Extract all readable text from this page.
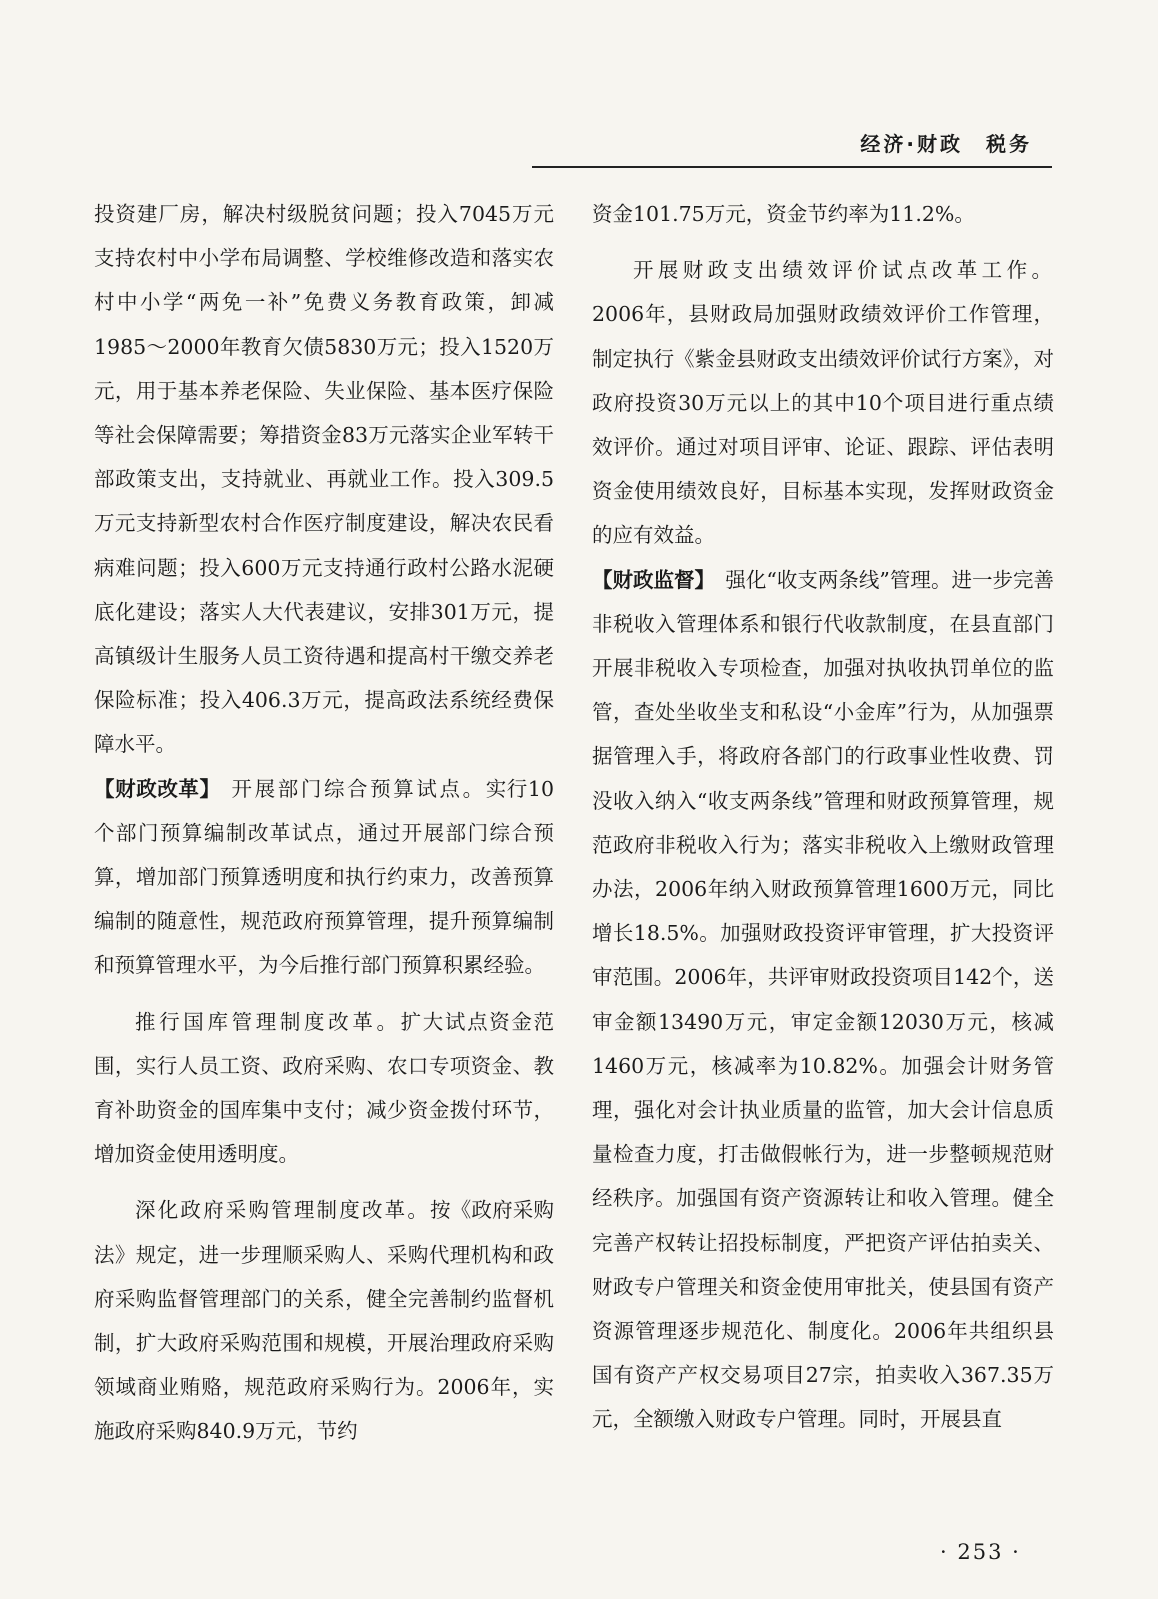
经济·财政　税务

投资建厂房，解决村级脱贫问题；投入7045万元支持农村中小学布局调整、学校维修改造和落实农村中小学“两免一补”免费义务教育政策，卸减1985～2000年教育欠债5830万元；投入1520万元，用于基本养老保险、失业保险、基本医疗保险等社会保障需要；筹措资金83万元落实企业军转干部政策支出，支持就业、再就业工作。投入309.5万元支持新型农村合作医疗制度建设，解决农民看病难问题；投入600万元支持通行政村公路水泥硬底化建设；落实人大代表建议，安排301万元，提高镇级计生服务人员工资待遇和提高村干缴交养老保险标准；投入406.3万元，提高政法系统经费保障水平。

【财政改革】　 开展部门综合预算试点。实行10个部门预算编制改革试点，通过开展部门综合预算，增加部门预算透明度和执行约束力，改善预算编制的随意性，规范政府预算管理，提升预算编制和预算管理水平，为今后推行部门预算积累经验。

推行国库管理制度改革。扩大试点资金范围，实行人员工资、政府采购、农口专项资金、教育补助资金的国库集中支付；减少资金拨付环节，增加资金使用透明度。

深化政府采购管理制度改革。按《政府采购法》规定，进一步理顺采购人、采购代理机构和政府采购监督管理部门的关系，健全完善制约监督机制，扩大政府采购范围和规模，开展治理政府采购领域商业贿赂，规范政府采购行为。2006年，实施政府采购840.9万元，节约

资金101.75万元，资金节约率为11.2%。

开展财政支出绩效评价试点改革工作。2006年，县财政局加强财政绩效评价工作管理，制定执行《紫金县财政支出绩效评价试行方案》，对政府投资30万元以上的其中10个项目进行重点绩效评价。通过对项目评审、论证、跟踪、评估表明资金使用绩效良好，目标基本实现，发挥财政资金的应有效益。

【财政监督】　 强化“收支两条线”管理。进一步完善非税收入管理体系和银行代收款制度，在县直部门开展非税收入专项检查，加强对执收执罚单位的监管，查处坐收坐支和私设“小金库”行为，从加强票据管理入手，将政府各部门的行政事业性收费、罚没收入纳入“收支两条线”管理和财政预算管理，规范政府非税收入行为；落实非税收入上缴财政管理办法，2006年纳入财政预算管理1600万元，同比增长18.5%。加强财政投资评审管理，扩大投资评审范围。2006年，共评审财政投资项目142个，送审金额13490万元，审定金额12030万元，核减1460万元，核减率为10.82%。加强会计财务管理，强化对会计执业质量的监管，加大会计信息质量检查力度，打击做假帐行为，进一步整顿规范财经秩序。加强国有资产资源转让和收入管理。健全完善产权转让招投标制度，严把资产评估拍卖关、财政专户管理关和资金使用审批关，使县国有资产资源管理逐步规范化、制度化。2006年共组织县国有资产产权交易项目27宗，拍卖收入367.35万元，全额缴入财政专户管理。同时，开展县直

· 253 ·
